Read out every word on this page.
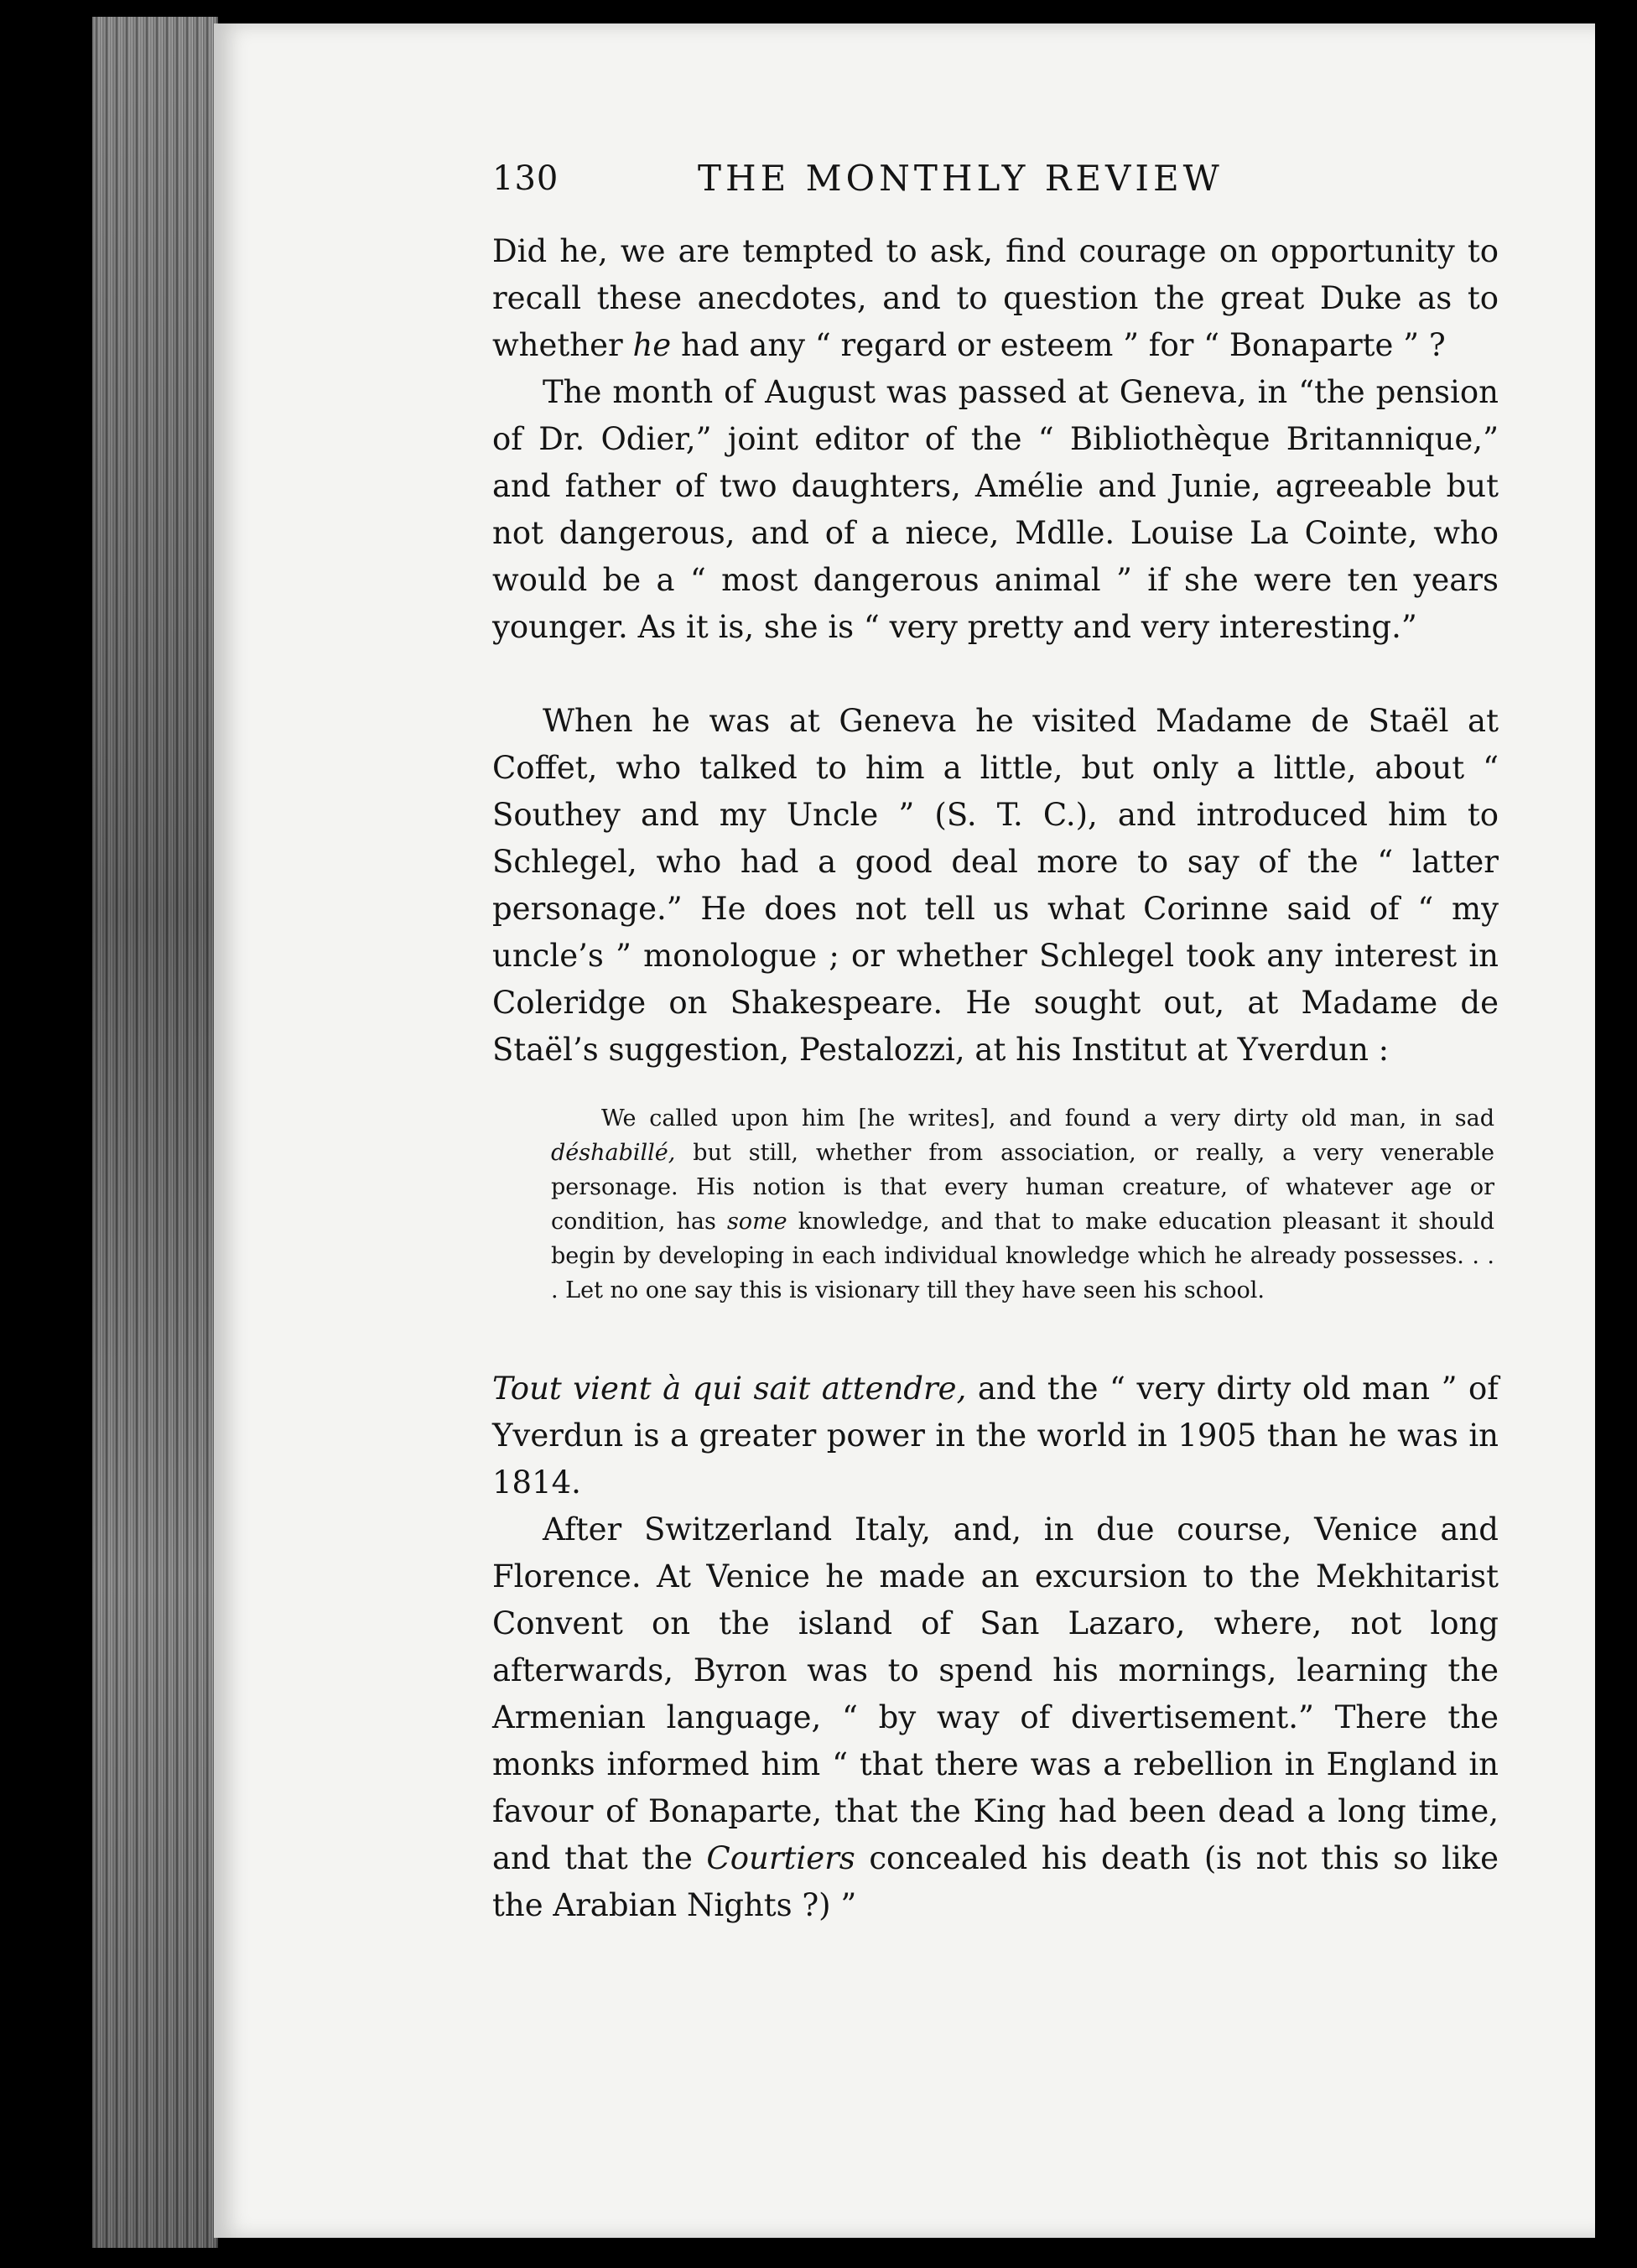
130	THE MONTHLY REVIEW

Did he, we are tempted to ask, find courage on opportunity to recall these anecdotes, and to question the great Duke as to whether he had any “ regard or esteem ” for “ Bonaparte ” ?

The month of August was passed at Geneva, in “the pension of Dr. Odier,” joint editor of the “ Bibliothèque Britannique,” and father of two daughters, Amélie and Junie, agreeable but not dangerous, and of a niece, Mdlle. Louise La Cointe, who would be a “ most dangerous animal ” if she were ten years younger. As it is, she is “ very pretty and very interesting.”

When he was at Geneva he visited Madame de Staël at Coffet, who talked to him a little, but only a little, about “ Southey and my Uncle ” (S. T. C.), and introduced him to Schlegel, who had a good deal more to say of the “ latter personage.” He does not tell us what Corinne said of “ my uncle’s ” monologue ; or whether Schlegel took any interest in Coleridge on Shakespeare. He sought out, at Madame de Staël’s suggestion, Pestalozzi, at his Institut at Yverdun :

We called upon him [he writes], and found a very dirty old man, in sad déshabillé, but still, whether from association, or really, a very venerable personage. His notion is that every human creature, of whatever age or condition, has some knowledge, and that to make education pleasant it should begin by developing in each individual knowledge which he already possesses. . . . Let no one say this is visionary till they have seen his school.

Tout vient à qui sait attendre, and the “ very dirty old man ” of Yverdun is a greater power in the world in 1905 than he was in 1814.

After Switzerland Italy, and, in due course, Venice and Florence. At Venice he made an excursion to the Mekhitarist Convent on the island of San Lazaro, where, not long afterwards, Byron was to spend his mornings, learning the Armenian language, “ by way of divertisement.” There the monks informed him “ that there was a rebellion in England in favour of Bonaparte, that the King had been dead a long time, and that the Courtiers concealed his death (is not this so like the Arabian Nights ?) ”
